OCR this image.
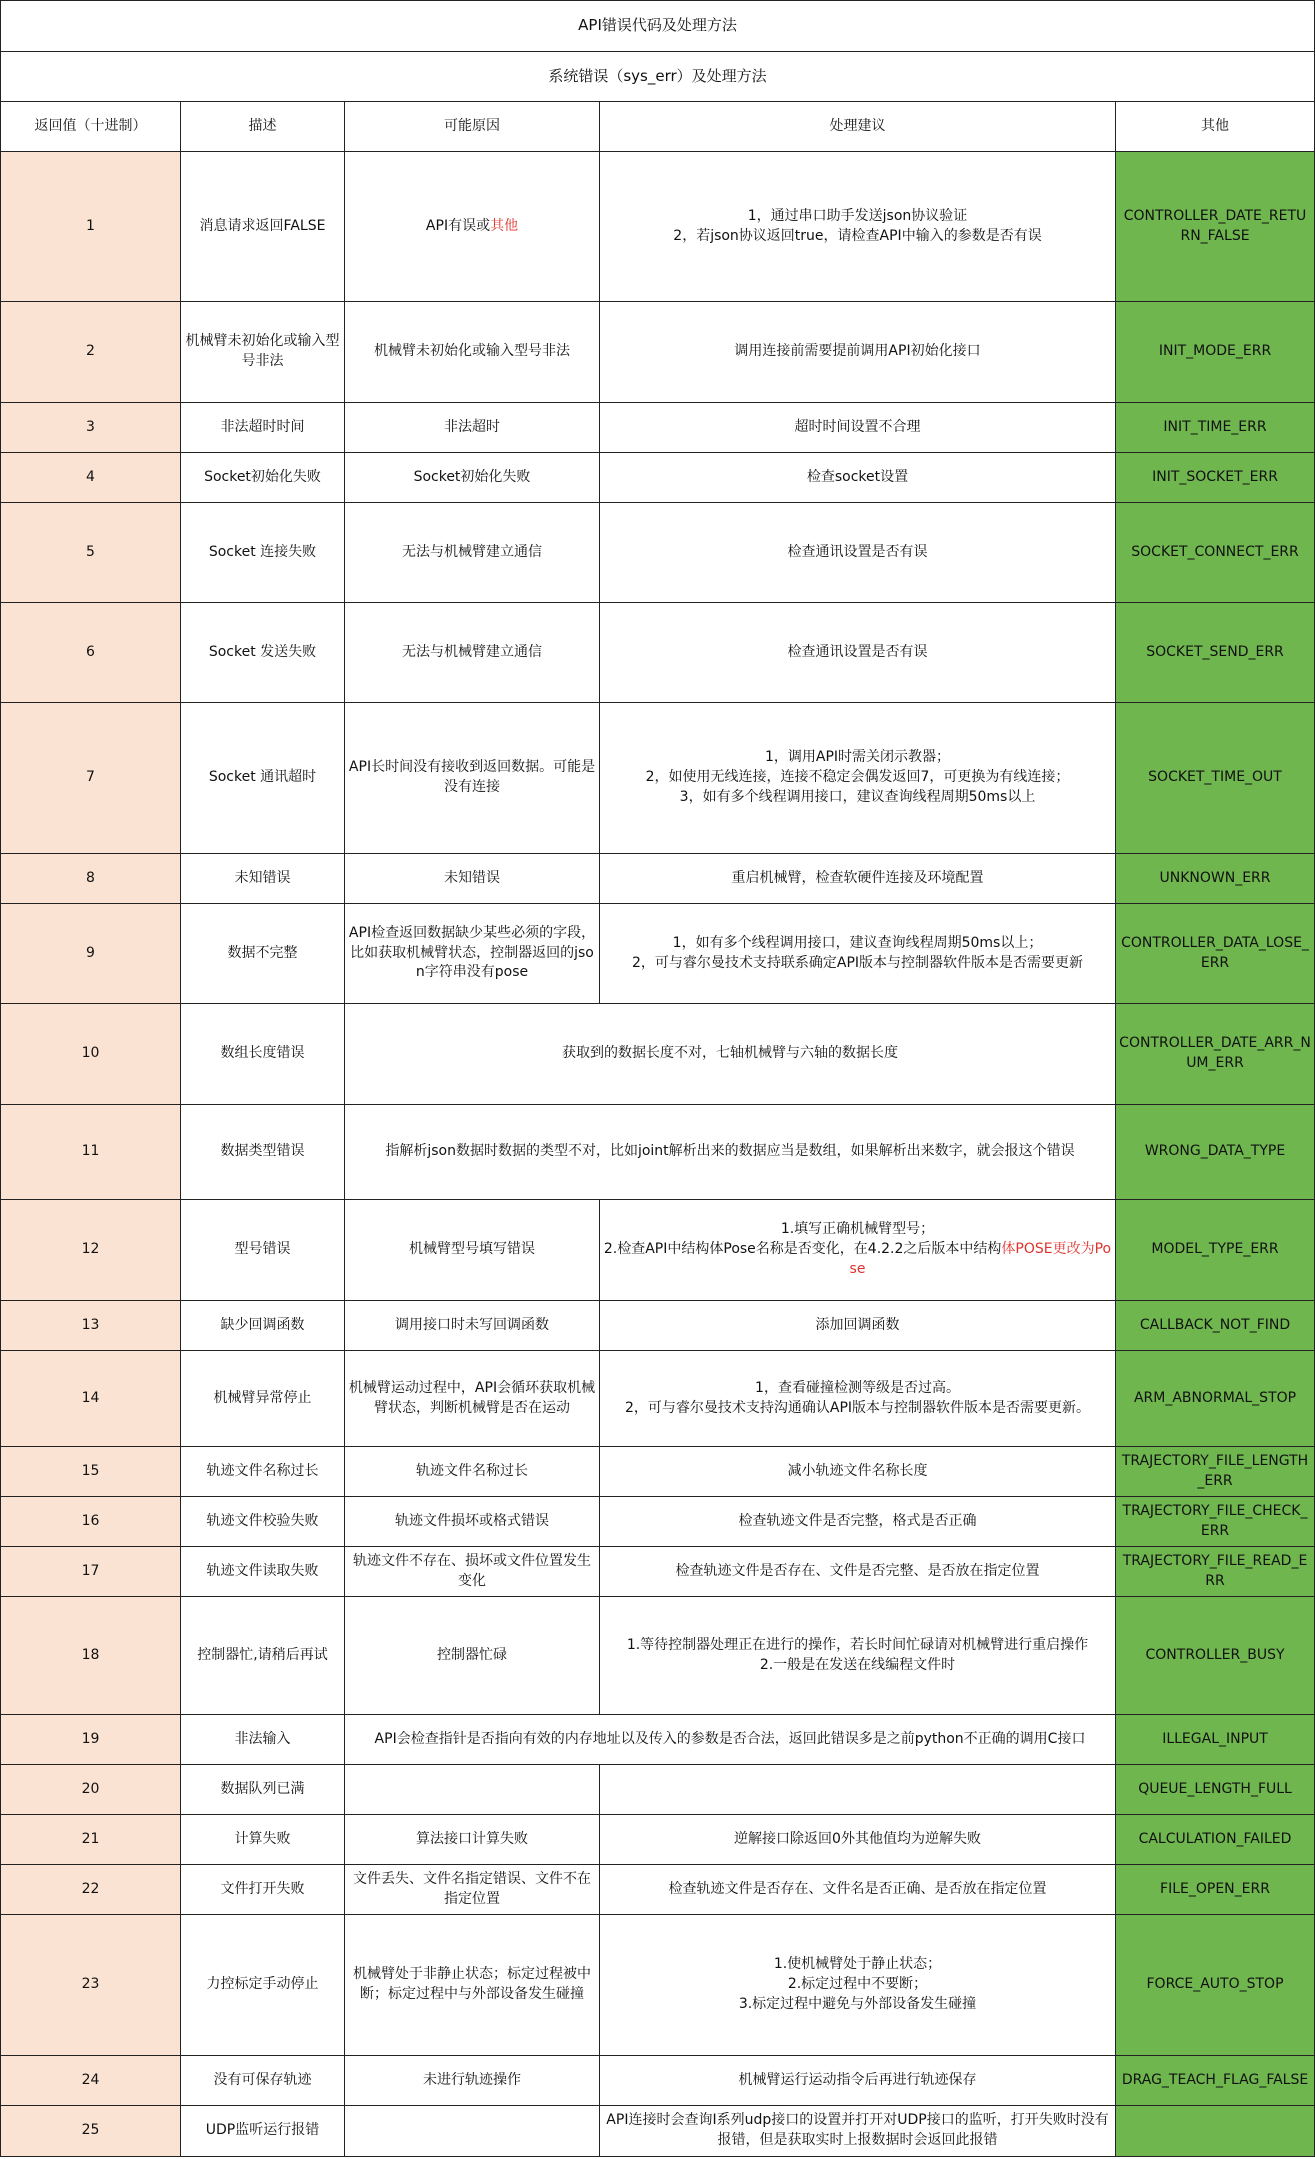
API错误代码及处理方法				
系统错误（sys_err）及处理方法				
返回值（十进制）	描述	可能原因	处理建议	其他
1	消息请求返回FALSE	API有误或其他	1，通过串口助手发送json协议验证
2，若json协议返回true，请检查API中输入的参数是否有误	CONTROLLER_DATE_RETURN_FALSE
2	机械臂未初始化或输入型号非法	机械臂未初始化或输入型号非法	调用连接前需要提前调用API初始化接口	INIT_MODE_ERR
3	非法超时时间	非法超时	超时时间设置不合理	INIT_TIME_ERR
4	Socket初始化失败	Socket初始化失败	检查socket设置	INIT_SOCKET_ERR
5	Socket 连接失败	无法与机械臂建立通信	检查通讯设置是否有误	SOCKET_CONNECT_ERR
6	Socket 发送失败	无法与机械臂建立通信	检查通讯设置是否有误	SOCKET_SEND_ERR
7	Socket 通讯超时	API长时间没有接收到返回数据。可能是没有连接	1，调用API时需关闭示教器；
2，如使用无线连接，连接不稳定会偶发返回7，可更换为有线连接；
3，如有多个线程调用接口，建议查询线程周期50ms以上	SOCKET_TIME_OUT
8	未知错误	未知错误	重启机械臂，检查软硬件连接及环境配置	UNKNOWN_ERR
9	数据不完整	API检查返回数据缺少某些必须的字段，比如获取机械臂状态，控制器返回的json字符串没有pose	1，如有多个线程调用接口，建议查询线程周期50ms以上；
2，可与睿尔曼技术支持联系确定API版本与控制器软件版本是否需要更新	CONTROLLER_DATA_LOSE_ERR
10	数组长度错误	获取到的数据长度不对，七轴机械臂与六轴的数据长度		CONTROLLER_DATE_ARR_NUM_ERR
11	数据类型错误	指解析json数据时数据的类型不对，比如joint解析出来的数据应当是数组，如果解析出来数字，就会报这个错误		WRONG_DATA_TYPE
12	型号错误	机械臂型号填写错误	1.填写正确机械臂型号；
2.检查API中结构体Pose名称是否变化，在4.2.2之后版本中结构体POSE更改为Pose	MODEL_TYPE_ERR
13	缺少回调函数	调用接口时未写回调函数	添加回调函数	CALLBACK_NOT_FIND
14	机械臂异常停止	机械臂运动过程中，API会循环获取机械臂状态，判断机械臂是否在运动	1，查看碰撞检测等级是否过高。
2，可与睿尔曼技术支持沟通确认API版本与控制器软件版本是否需要更新。	ARM_ABNORMAL_STOP
15	轨迹文件名称过长	轨迹文件名称过长	减小轨迹文件名称长度	TRAJECTORY_FILE_LENGTH_ERR
16	轨迹文件校验失败	轨迹文件损坏或格式错误	检查轨迹文件是否完整，格式是否正确	TRAJECTORY_FILE_CHECK_ERR
17	轨迹文件读取失败	轨迹文件不存在、损坏或文件位置发生变化	检查轨迹文件是否存在、文件是否完整、是否放在指定位置	TRAJECTORY_FILE_READ_ERR
18	控制器忙,请稍后再试	控制器忙碌	1.等待控制器处理正在进行的操作，若长时间忙碌请对机械臂进行重启操作
2.一般是在发送在线编程文件时	CONTROLLER_BUSY
19	非法输入	API会检查指针是否指向有效的内存地址以及传入的参数是否合法，返回此错误多是之前python不正确的调用C接口		ILLEGAL_INPUT
20	数据队列已满			QUEUE_LENGTH_FULL
21	计算失败	算法接口计算失败	逆解接口除返回0外其他值均为逆解失败	CALCULATION_FAILED
22	文件打开失败	文件丢失、文件名指定错误、文件不在指定位置	检查轨迹文件是否存在、文件名是否正确、是否放在指定位置	FILE_OPEN_ERR
23	力控标定手动停止	机械臂处于非静止状态；标定过程被中断；标定过程中与外部设备发生碰撞	1.使机械臂处于静止状态；
2.标定过程中不要断；
3.标定过程中避免与外部设备发生碰撞	FORCE_AUTO_STOP
24	没有可保存轨迹	未进行轨迹操作	机械臂运行运动指令后再进行轨迹保存	DRAG_TEACH_FLAG_FALSE
25	UDP监听运行报错		API连接时会查询I系列udp接口的设置并打开对UDP接口的监听，打开失败时没有报错，但是获取实时上报数据时会返回此报错	
